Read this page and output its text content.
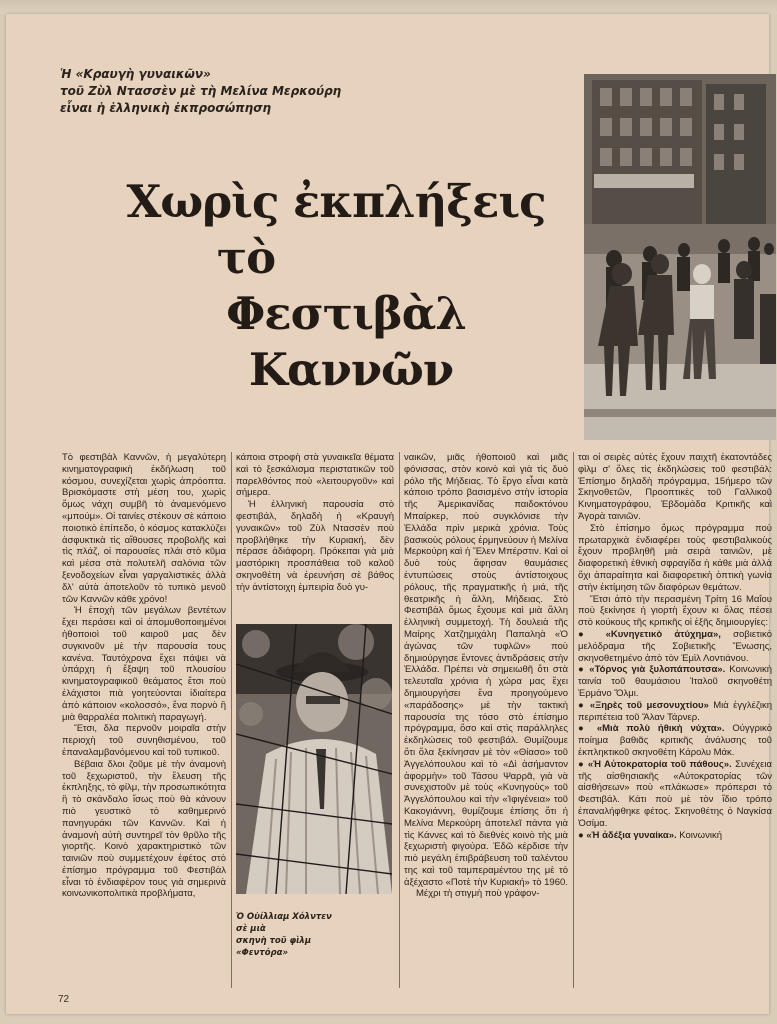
Ἡ «Κραυγὴ γυναικῶν»
τοῦ Ζὺλ Ντασσὲν μὲ τὴ Μελίνα Μερκούρη
εἶναι ἡ ἑλληνικὴ ἐκπροσώπηση
Χωρὶς ἐκπλήξεις
τὸ
Φεστιβὰλ
Καννῶν
Ὁ Οὐίλλιαμ Χόλντεν
σὲ μιὰ
σκηνὴ τοῦ φὶλμ
«Φεντόρα»

Τὸ φεστιβὰλ Καννῶν, ἡ μεγαλύτερη κινηματογραφικὴ ἐκδήλωση τοῦ κόσμου, συνεχίζεται χωρὶς ἀπρόοπτα. Βρισκόμαστε στὴ μέση του, χωρὶς ὅμως νάχη συμβῆ τὸ ἀναμενόμενο «μπούμ». Οἱ ταινίες στέκουν σὲ κάποιο ποιοτικὸ ἐπίπεδο, ὁ κόσμος κατακλύζει ἀσφυκτικὰ τὶς αἴθουσες προβολῆς καὶ τὶς πλάζ, οἱ παρουσίες πλάι στὸ κῦμα καὶ μέσα στὰ πολυτελῆ σαλόνια τῶν ξενοδοχείων εἶναι γαργαλιστικὲς ἀλλὰ δλ' αὐτὰ ἀποτελοῦν τὸ τυπικὸ μενοῦ τῶν Καννῶν κάθε χρόνο!

Ἡ ἐποχὴ τῶν μεγάλων βεντέτων ἔχει περάσει καὶ οἱ ἀπομυθοποιημένοι ἠθοποιοὶ τοῦ καιροῦ μας δὲν συγκινοῦν μὲ τὴν παρουσία τους κανένα. Ταυτόχρονα ἔχει πάψει νὰ ὑπάρχη ἡ ἔξαψη τοῦ πλουσίου κινηματογραφικοῦ θεάματος ἔτσι ποὺ ἐλάχιστοι πιὰ γοητεύονται ἰδιαίτερα ἀπὸ κάποιον «κολοσσό», ἕνα πορνὸ ἢ μιὰ θαρραλέα πολιτικὴ παραγωγή.

Ἔτσι, δλα περνοῦν μοιραῖα στὴν περιοχὴ τοῦ συνηθισμένου, τοῦ ἐπαναλαμβανόμενου καὶ τοῦ τυπικοῦ.

Βέβαια δλοι ζοῦμε μὲ τὴν ἀναμονὴ τοῦ ξεχωριστοῦ, τὴν ἔλευση τῆς ἐκπληξης, τὸ φίλμ, τὴν προσωπικότητα ἢ τὸ σκάνδαλο ἴσως ποὺ θὰ κάνουν πιὸ γευστικὸ τὸ καθημερινὸ πανηγυράκι τῶν Καννῶν. Καὶ ἡ ἀναμονὴ αὐτὴ συντηρεῖ τὸν θρῦλο τῆς γιορτῆς. Κοινὸ χαρακτηριστικὸ τῶν ταινιῶν ποὺ συμμετέχουν ἐφέτος στὸ ἐπίσημο πρόγραμμα τοῦ Φεστιβὰλ εἶναι τὸ ἐνδιαφέρον τους γιὰ σημερινὰ κοινωνικοπολιτικὰ προβλήματα,

κάποια στροφὴ στὰ γυναικεῖα θέματα καὶ τὸ ξεσκάλισμα περιστατικῶν τοῦ παρελθόντος ποὺ «λειτουργοῦν» καὶ σήμερα.

Ἡ ἑλληνικὴ παρουσία στὸ φεστιβάλ, δηλαδὴ ἡ «Κραυγὴ γυναικῶν» τοῦ Ζὺλ Ντασσὲν ποὺ προβλήθηκε τὴν Κυριακή, δὲν πέρασε ἀδιάφορη. Πρόκειται γιὰ μιὰ μαστόρικη προσπάθεια τοῦ καλοῦ σκηνοθέτη νὰ ἐρευνήση σὲ βάθος τὴν ἀντίστοιχη ἐμπειρία δυὸ γυ-

ναικῶν, μιᾶς ἠθοποιοῦ καὶ μιᾶς φόνισσας, στὸν κοινὸ καὶ γιὰ τὶς δυὸ ρόλο τῆς Μήδειας. Τὸ ἔργο εἶναι κατὰ κάποιο τρόπο βασισμένο στὴν ἱστορία τῆς Ἀμερικανίδας παιδοκτόνου Μπαίρκερ, ποὺ συγκλόνισε τὴν Ἑλλάδα πρὶν μερικὰ χρόνια. Τοὺς βασικοὺς ρόλους ἑρμηνεύουν ἡ Μελίνα Μερκούρη καὶ ἡ Ἔλεν Μπέρστιν. Καὶ οἱ δυὸ τοὺς ἄφησαν θαυμάσιες ἐντυπώσεις στοὺς ἀντίστοιχους ρόλους, τῆς πραγματικῆς ἡ μιά, τῆς θεατρικῆς ἡ ἄλλη, Μήδειας. Στὸ Φεστιβὰλ ὅμως ἔχουμε καὶ μιὰ ἄλλη ἑλληνικὴ συμμετοχή. Τὴ δουλειὰ τῆς Μαίρης Χατζημιχάλη Παπαληὰ «Ὁ ἀγώνας τῶν τυφλῶν» ποὺ δημιούργησε ἔντονες ἀντιδράσεις στὴν Ἑλλάδα. Πρέπει νὰ σημειωθῆ ὅτι στὰ τελευταῖα χρόνια ἡ χώρα μας ἔχει δημιουργήσει ἕνα προηγούμενο «παράδοσης» μὲ τὴν τακτικὴ παρουσία της τόσο στὸ ἐπίσημο πρόγραμμα, ὅσο καὶ στὶς παράλληλες ἐκδηλώσεις τοῦ φεστιβάλ. Θυμίζουμε ὅτι ὅλα ξεκίνησαν μὲ τὸν «Θίασο» τοῦ Ἀγγελόπουλου καὶ τὸ «Δὶ ἀσήμαντον ἀφορμὴν» τοῦ Τάσου Ψαρρᾶ, γιὰ νὰ συνεχιστοῦν μὲ τοὺς «Κυνηγοὺς» τοῦ Ἀγγελόπουλου καὶ τὴν «Ἰφιγένεια» τοῦ Κακογιάννη, θυμίζουμε ἐπίσης ὅτι ἡ Μελίνα Μερκούρη ἀποτελεῖ πάντα γιὰ τὶς Κάννες καὶ τὸ διεθνὲς κοινὸ τὴς μιὰ ξεχωριστὴ φιγούρα. Ἐδῶ κέρδισε τὴν πιὸ μεγάλη ἐπιβράβευση τοῦ ταλέντου της καὶ τοῦ ταμπεραμέντου της μὲ τὸ ἀξέχαστο «Ποτὲ τὴν Κυριακή» τὸ 1960.

Μέχρι τὴ στιγμὴ ποὺ γράφον-

ται οἱ σειρὲς αὐτὲς ἔχουν παιχτῆ ἑκατοντάδες φὶλμ σ' ὅλες τὶς ἐκδηλώσεις τοῦ φεστιβάλ: Ἐπίσημο δηλαδὴ πρόγραμμα, 15ήμερο τῶν Σκηνοθετῶν, Προοπτικὲς τοῦ Γαλλικοῦ Κινηματογράφου, Ἑβδομάδα Κριτικῆς καὶ Ἀγορὰ ταινιῶν.

Στὸ ἐπίσημο ὅμως πρόγραμμα ποὺ πρωταρχικὰ ἐνδιαφέρει τοὺς φεστιβαλικοὺς ἔχουν προβληθῆ μιὰ σειρὰ ταινιῶν, μὲ διαφορετικὴ ἐθνικὴ σφραγίδα ἡ κάθε μιὰ ἀλλὰ ὅχι ἀπαραίτητα καὶ διαφορετικὴ ὀπτικὴ γωνία στὴν ἐκτίμηση τῶν διαφόρων θεμάτων.

Ἔτσι ἀπὸ τὴν περασμένη Τρίτη 16 Μαΐου ποὺ ξεκίνησε ἡ γιορτὴ ἔχουν κι ὅλας πέσει στὸ κούκους τῆς κριτικῆς οἱ ἑξῆς δημιουργίες:

● «Κυνηγετικὸ ἀτύχημα», σοβιετικὸ μελόδραμα τῆς Σοβιετικῆς Ἕνωσης, σκηνοθετημένο ἀπὸ τὸν Ἐμὶλ Λοντιάνου.

● «Τόρνος γιὰ ξυλοπάπουτσα». Κοινωνικὴ ταινία τοῦ θαυμάσιου Ἰταλοῦ σκηνοθέτη Ἐρμάνο Ὄλμι.

● «Ξηρὲς τοῦ μεσονυχτίου» Μιὰ ἐγγλέζικη περιπέτεια τοῦ Ἄλαν Τάρνερ.

● «Μιὰ πολὺ ἠθικὴ νύχτα». Οὐγγρικὸ ποίημα βαθιᾶς κριτικῆς ἀνάλυσης τοῦ ἐκπληκτικοῦ σκηνοθέτη Κάρολυ Μάκ.

● «Ἡ Αὐτοκρατορία τοῦ πάθους». Συνέχεια τῆς αἰσθησιακῆς «Αὐτοκρατορίας τῶν αἰσθήσεων» ποὺ «πλάκωσε» πρόπερσι τὸ Φεστιβάλ. Κάτι ποὺ μὲ τὸν ἴδιο τρόπο ἐπαναλήφθηκε φέτος. Σκηνοθέτης ὁ Ναγκίσα Ὀσίμα.

● «Ἡ ἀδέξια γυναίκα». Κοινωνική

72
